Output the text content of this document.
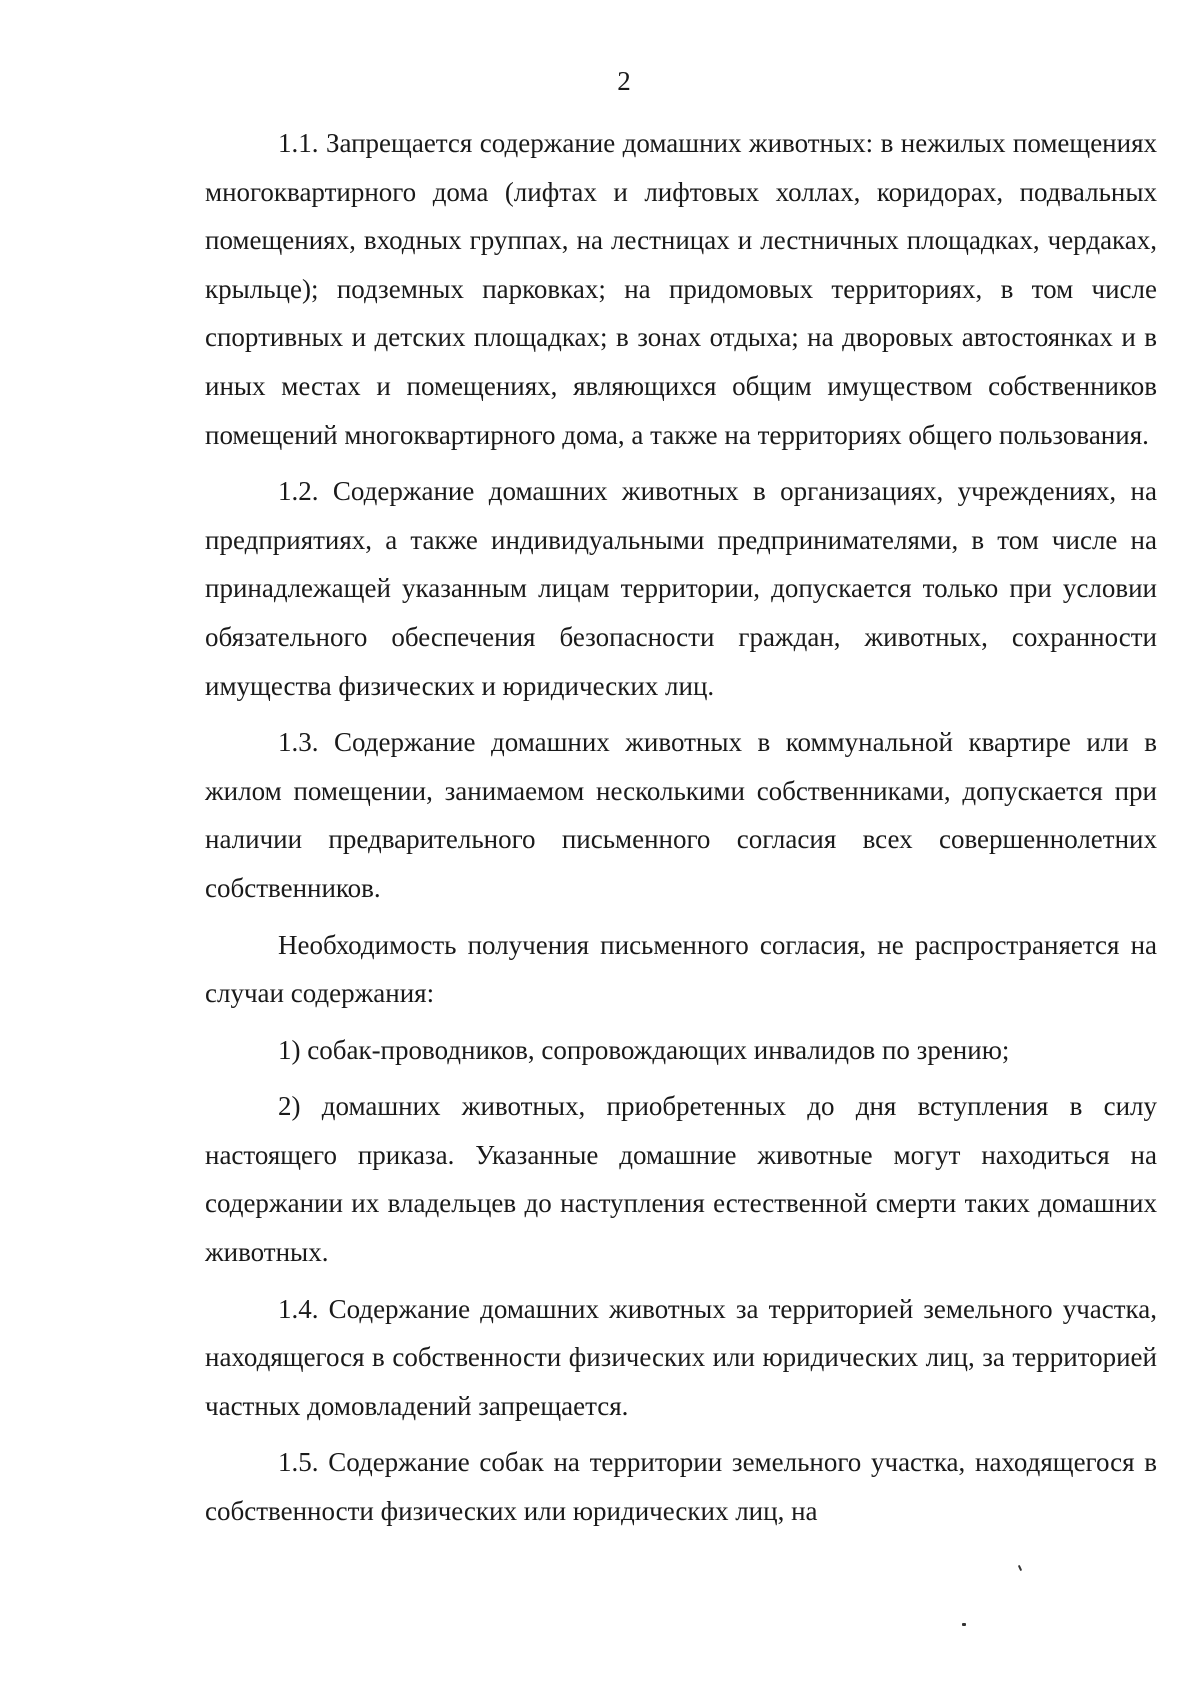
2

1.1. Запрещается содержание домашних животных: в нежилых помещениях многоквартирного дома (лифтах и лифтовых холлах, коридорах, подвальных помещениях, входных группах, на лестницах и лестничных площадках, чердаках, крыльце); подземных парковках; на придомовых территориях, в том числе спортивных и детских площадках; в зонах отдыха; на дворовых автостоянках и в иных местах и помещениях, являющихся общим имуществом собственников помещений многоквартирного дома, а также на территориях общего пользования.

1.2. Содержание домашних животных в организациях, учреждениях, на предприятиях, а также индивидуальными предпринимателями, в том числе на принадлежащей указанным лицам территории, допускается только при условии обязательного обеспечения безопасности граждан, животных, сохранности имущества физических и юридических лиц.

1.3. Содержание домашних животных в коммунальной квартире или в жилом помещении, занимаемом несколькими собственниками, допускается при наличии предварительного письменного согласия всех совершеннолетних собственников.

Необходимость получения письменного согласия, не распространяется на случаи содержания:

1) собак-проводников, сопровождающих инвалидов по зрению;

2) домашних животных, приобретенных до дня вступления в силу настоящего приказа. Указанные домашние животные могут находиться на содержании их владельцев до наступления естественной смерти таких домашних животных.

1.4. Содержание домашних животных за территорией земельного участка, находящегося в собственности физических или юридических лиц, за территорией частных домовладений запрещается.

1.5. Содержание собак на территории земельного участка, находящегося в собственности физических или юридических лиц, на
